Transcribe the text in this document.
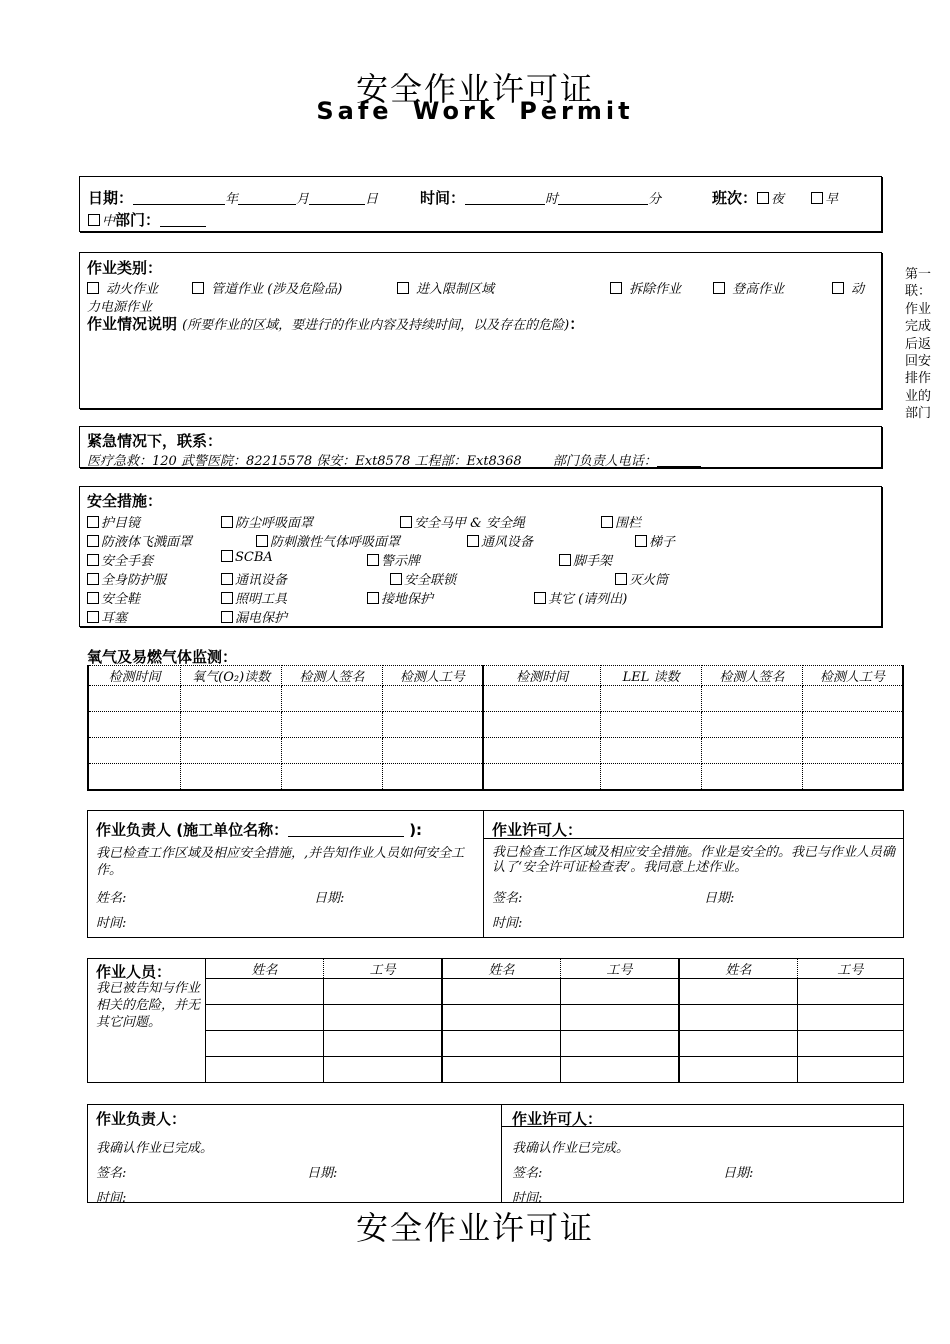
安全作业许可证
Safe Work Permit
日期：	年	月	日	时间：	时	分	班次： 夜	早
中部门：
作业类别：
动火作业	管道作业 (涉及危险品)	进入限制区域	拆除作业	登高作业	动
力电源作业
作业情况说明 (所要作业的区域，要进行的作业内容及持续时间，以及存在的危险)：
第一联：作业完成后返回安排作业的部门
紧急情况下，联系：
医疗急救：120 武警医院：82215578 保安：Ext8578 工程部：Ext8368 部门负责人电话：
安全措施：
护目镜	防尘呼吸面罩	安全马甲 & 安全绳	围栏
防液体飞溅面罩	防刺激性气体呼吸面罩	通风设备	梯子
安全手套	SCBA	警示牌	脚手架
全身防护服	通讯设备	安全联锁	灭火筒
安全鞋	照明工具	接地保护	其它 (请列出)
耳塞	漏电保护
氧气及易燃气体监测：
检测时间	氧气(O₂)读数	检测人签名	检测人工号	检测时间	LEL 读数	检测人签名	检测人工号

作业负责人 (施工单位名称：	):
我已检查工作区域及相应安全措施，,并告知作业人员如何安全工作。
姓名:	日期:
时间:
作业许可人：
我已检查工作区域及相应安全措施。作业是安全的。我已与作业人员确认了‘安全许可证检查表’。我同意上述作业。
签名:	日期:
时间:
作业人员：
我已被告知与作业相关的危险，并无其它问题。
姓名	工号	姓名	工号	姓名	工号

作业负责人：
我确认作业已完成。
签名:	日期:
时间:
作业许可人：
我确认作业已完成。
签名:	日期:
时间:
安全作业许可证
